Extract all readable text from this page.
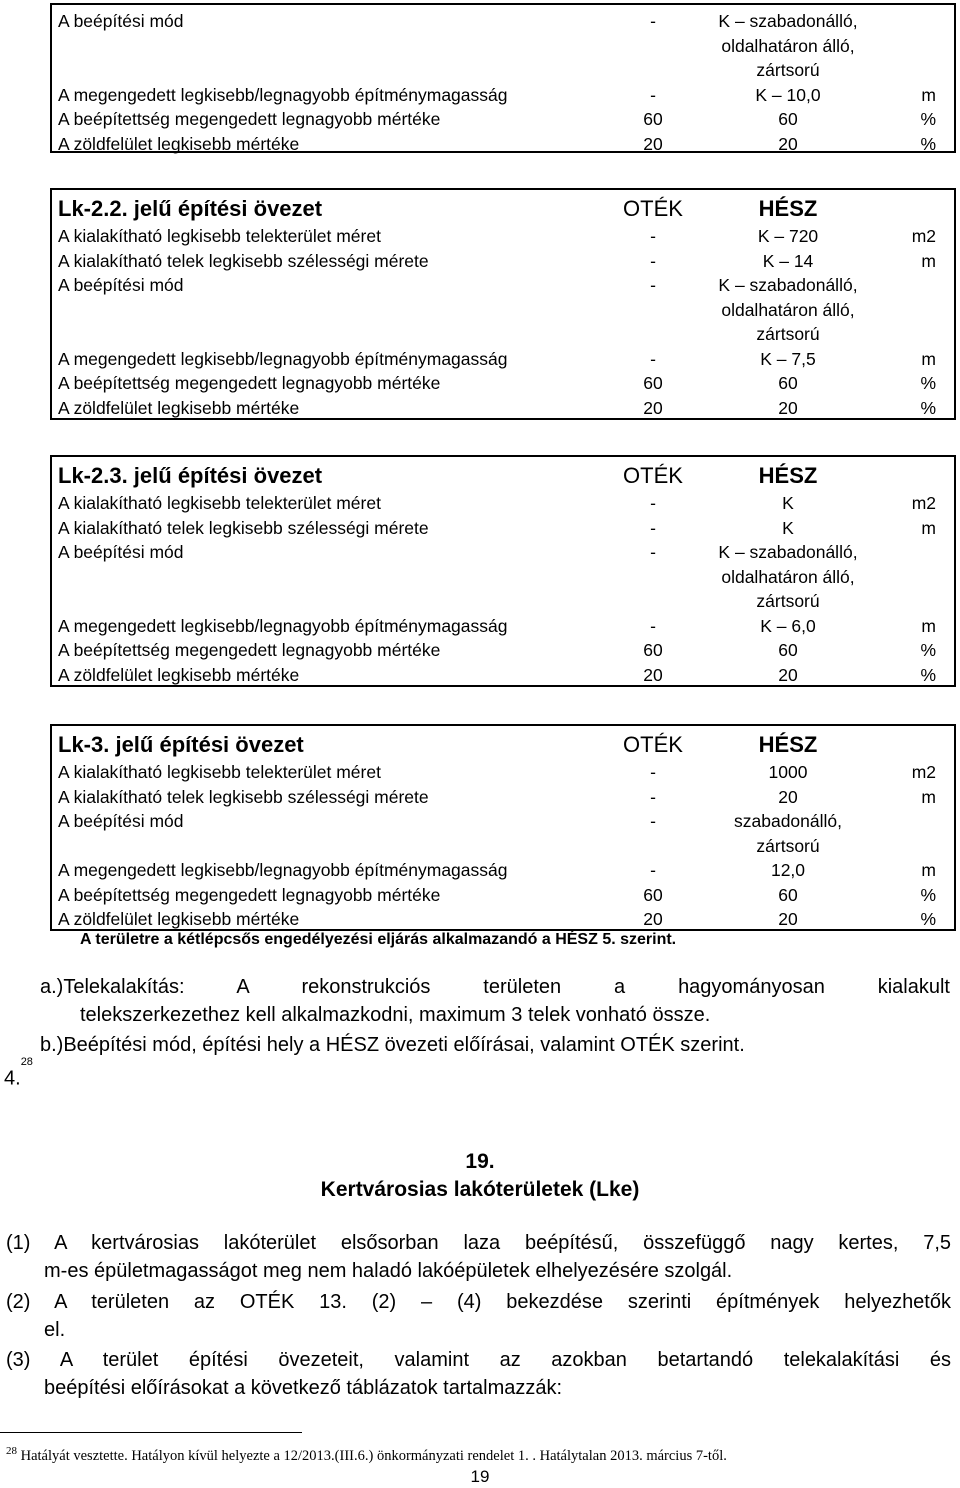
A beépítési mód	-	K – szabadonálló,
oldalhatáron álló,
zártsorú
A megengedett legkisebb/legnagyobb építménymagasság	-	K – 10,0	m
A beépítettség megengedett legnagyobb mértéke	60	60	%
A zöldfelület legkisebb mértéke	20	20	%
Lk-2.2. jelű építési övezet	OTÉK	HÉSZ
A kialakítható legkisebb telekterület méret	-	K – 720	m2
A kialakítható telek legkisebb szélességi mérete	-	K – 14	m
A beépítési mód	-	K – szabadonálló,
oldalhatáron álló,
zártsorú
A megengedett legkisebb/legnagyobb építménymagasság	-	K – 7,5	m
A beépítettség megengedett legnagyobb mértéke	60	60	%
A zöldfelület legkisebb mértéke	20	20	%
Lk-2.3. jelű építési övezet	OTÉK	HÉSZ
A kialakítható legkisebb telekterület méret	-	K	m2
A kialakítható telek legkisebb szélességi mérete	-	K	m
A beépítési mód	-	K – szabadonálló,
oldalhatáron álló,
zártsorú
A megengedett legkisebb/legnagyobb építménymagasság	-	K – 6,0	m
A beépítettség megengedett legnagyobb mértéke	60	60	%
A zöldfelület legkisebb mértéke	20	20	%
Lk-3. jelű építési övezet	OTÉK	HÉSZ
A kialakítható legkisebb telekterület méret	-	1000	m2
A kialakítható telek legkisebb szélességi mérete	-	20	m
A beépítési mód	-	szabadonálló,
zártsorú
A megengedett legkisebb/legnagyobb építménymagasság	-	12,0	m
A beépítettség megengedett legnagyobb mértéke	60	60	%
A zöldfelület legkisebb mértéke	20	20	%
A területre a kétlépcsős engedélyezési eljárás alkalmazandó a HÉSZ 5. szerint.
4.28
a.)Telekalakítás: A rekonstrukciós területen a hagyományosan kialakult
telekszerkezethez kell alkalmazkodni, maximum 3 telek vonható össze.
b.)Beépítési mód, építési hely a HÉSZ övezeti előírásai, valamint OTÉK szerint.
19.
Kertvárosias lakóterületek (Lke)
(1) A kertvárosias lakóterület elsősorban laza beépítésű, összefüggő nagy kertes, 7,5
m-es épületmagasságot meg nem haladó lakóépületek elhelyezésére szolgál.
(2) A területen az OTÉK 13. (2) – (4) bekezdése szerinti építmények helyezhetők
el.
(3) A terület építési övezeteit, valamint az azokban betartandó telekalakítási és
beépítési előírásokat a következő táblázatok tartalmazzák:
$^{28}$ Hatályát vesztette. Hatályon kívül helyezte a 12/2013.(III.6.) önkormányzati rendelet 1. . Hatálytalan 2013. március 7-től.
19
